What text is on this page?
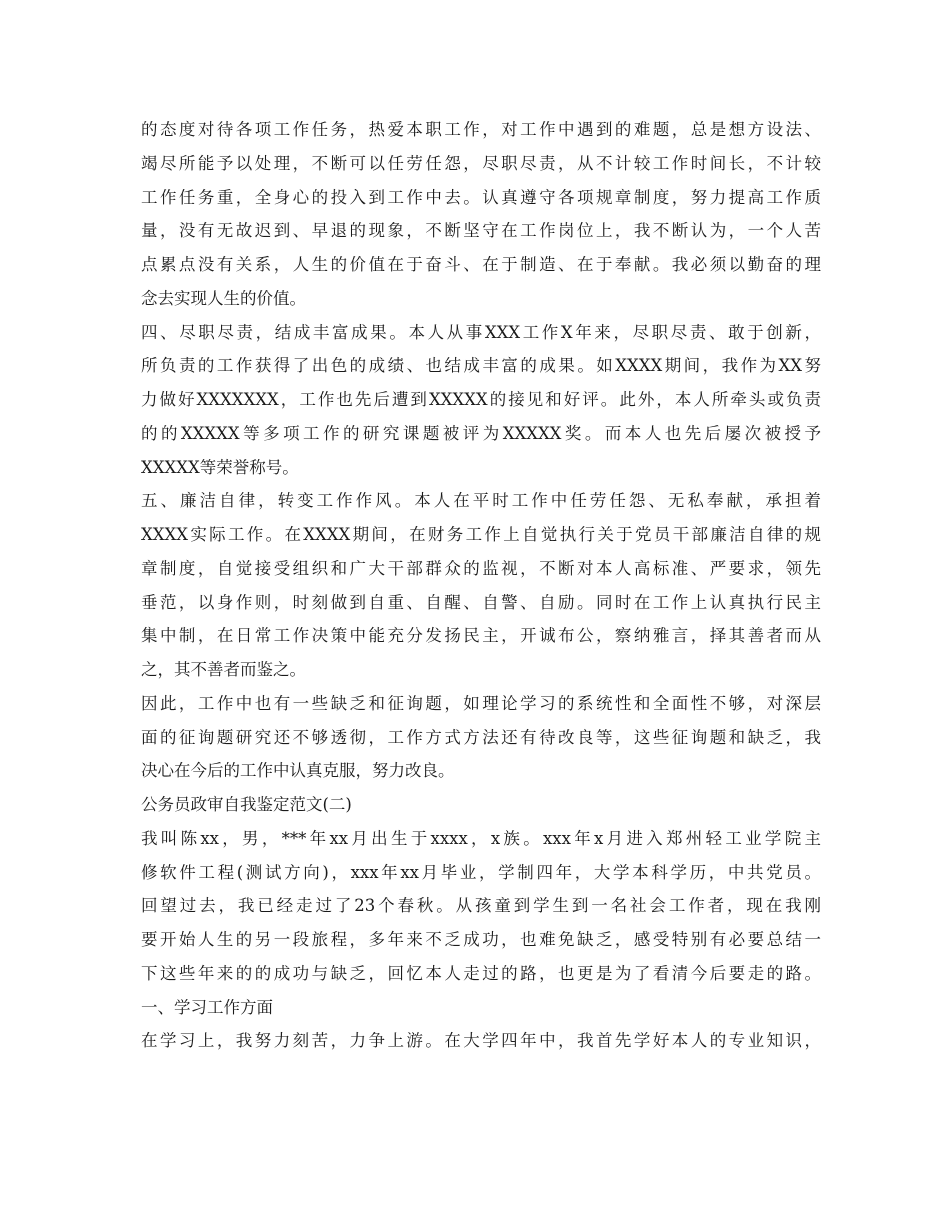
的态度对待各项工作任务，热爱本职工作，对工作中遇到的难题，总是想方设法、
竭尽所能予以处理，不断可以任劳任怨，尽职尽责，从不计较工作时间长，不计较
工作任务重，全身心的投入到工作中去。认真遵守各项规章制度，努力提高工作质
量，没有无故迟到、早退的现象，不断坚守在工作岗位上，我不断认为，一个人苦
点累点没有关系，人生的价值在于奋斗、在于制造、在于奉献。我必须以勤奋的理
念去实现人生的价值。
四、尽职尽责，结成丰富成果。本人从事XXX工作X年来，尽职尽责、敢于创新，
所负责的工作获得了出色的成绩、也结成丰富的成果。如XXXX期间，我作为XX努
力做好XXXXXXX，工作也先后遭到XXXXX的接见和好评。此外，本人所牵头或负责
的的XXXXX等多项工作的研究课题被评为XXXXX奖。而本人也先后屡次被授予
XXXXX等荣誉称号。
五、廉洁自律，转变工作作风。本人在平时工作中任劳任怨、无私奉献，承担着
XXXX实际工作。在XXXX期间，在财务工作上自觉执行关于党员干部廉洁自律的规
章制度，自觉接受组织和广大干部群众的监视，不断对本人高标准、严要求，领先
垂范，以身作则，时刻做到自重、自醒、自警、自励。同时在工作上认真执行民主
集中制，在日常工作决策中能充分发扬民主，开诚布公，察纳雅言，择其善者而从
之，其不善者而鉴之。
因此，工作中也有一些缺乏和征询题，如理论学习的系统性和全面性不够，对深层
面的征询题研究还不够透彻，工作方式方法还有待改良等，这些征询题和缺乏，我
决心在今后的工作中认真克服，努力改良。
公务员政审自我鉴定范文(二)
我叫陈xx，男，***年xx月出生于xxxx，x族。xxx年x月进入郑州轻工业学院主
修软件工程(测试方向)，xxx年xx月毕业，学制四年，大学本科学历，中共党员。
回望过去，我已经走过了23个春秋。从孩童到学生到一名社会工作者，现在我刚
要开始人生的另一段旅程，多年来不乏成功，也难免缺乏，感受特别有必要总结一
下这些年来的的成功与缺乏，回忆本人走过的路，也更是为了看清今后要走的路。
一、学习工作方面
在学习上，我努力刻苦，力争上游。在大学四年中，我首先学好本人的专业知识，
